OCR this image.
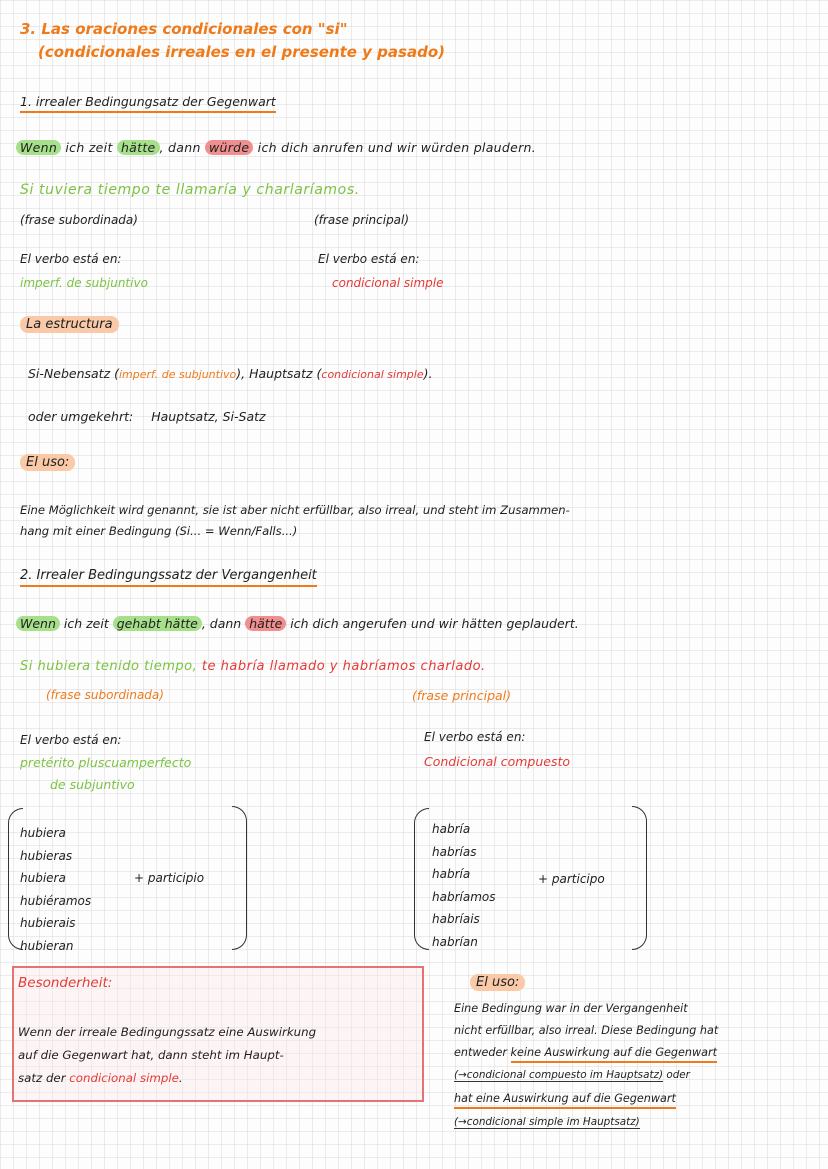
3. Las oraciones condicionales con "si"
(condicionales irreales en el presente y pasado)
1. irrealer Bedingungsatz der Gegenwart
Wenn ich zeit hätte , dann würde ich dich anrufen und wir würden plaudern.
Si tuviera tiempo te llamaría y charlaríamos.
(frase subordinada)	(frase principal)
El verbo está en:
imperf. de subjuntivo
El verbo está en:
condicional simple
La estructura
Si-Nebensatz (imperf. de subjuntivo), Hauptsatz (condicional simple).
oder umgekehrt: Hauptsatz, Si-Satz
El uso:
Eine Möglichkeit wird genannt, sie ist aber nicht erfüllbar, also irreal, und steht im Zusammen-
hang mit einer Bedingung (Si... = Wenn/Falls...)
2. Irrealer Bedingungssatz der Vergangenheit
Wenn ich zeit gehabt hätte , dann hätte ich dich angerufen und wir hätten geplaudert.
Si hubiera tenido tiempo, te habría llamado y habríamos charlado.
(frase subordinada)	(frase principal)
El verbo está en:
pretérito pluscuamperfecto
de subjuntivo
El verbo está en:
Condicional compuesto
hubiera
hubieras
hubiera
hubiéramos
hubierais
hubieran
+ participio
habría
habrías
habría
habríamos
habríais
habrían
+ participo
Besonderheit:
Wenn der irreale Bedingungssatz eine Auswirkung
auf die Gegenwart hat, dann steht im Haupt-
satz der condicional simple.
El uso:
Eine Bedingung war in der Vergangenheit
nicht erfüllbar, also irreal. Diese Bedingung hat
entweder keine Auswirkung auf die Gegenwart
(→condicional compuesto im Hauptsatz) oder
hat eine Auswirkung auf die Gegenwart
(→condicional simple im Hauptsatz)
